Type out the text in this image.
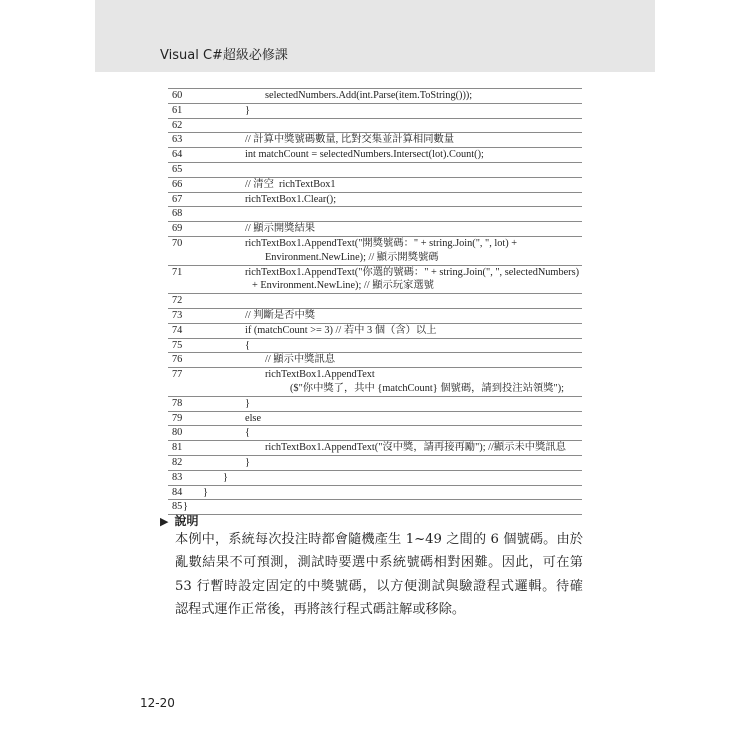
Visual C#超級必修課
60	selectedNumbers.Add(int.Parse(item.ToString()));
61	}
62
63	// 計算中獎號碼數量, 比對交集並計算相同數量
64	int matchCount = selectedNumbers.Intersect(lot).Count();
65
66	// 清空  richTextBox1
67	richTextBox1.Clear();
68
69	// 顯示開獎結果
70	richTextBox1.AppendText("開獎號碼：" + string.Join(", ", lot) +
Environment.NewLine); // 顯示開獎號碼
71	richTextBox1.AppendText("你選的號碼：" + string.Join(", ", selectedNumbers)
+ Environment.NewLine); // 顯示玩家選號
72
73	// 判斷是否中獎
74	if (matchCount >= 3) // 若中 3 個（含）以上
75	{
76	// 顯示中獎訊息
77	richTextBox1.AppendText
($"你中獎了，共中 {matchCount} 個號碼，請到投注站領獎");
78	}
79	else
80	{
81	richTextBox1.AppendText("沒中獎，請再接再勵"); //顯示未中獎訊息
82	}
83	}
84	}
85 }
▶ 說明
本例中，系統每次投注時都會隨機產生 1~49 之間的 6 個號碼。由於
亂數結果不可預測，測試時要選中系統號碼相對困難。因此，可在第
53 行暫時設定固定的中獎號碼，以方便測試與驗證程式邏輯。待確
認程式運作正常後，再將該行程式碼註解或移除。
12-20
